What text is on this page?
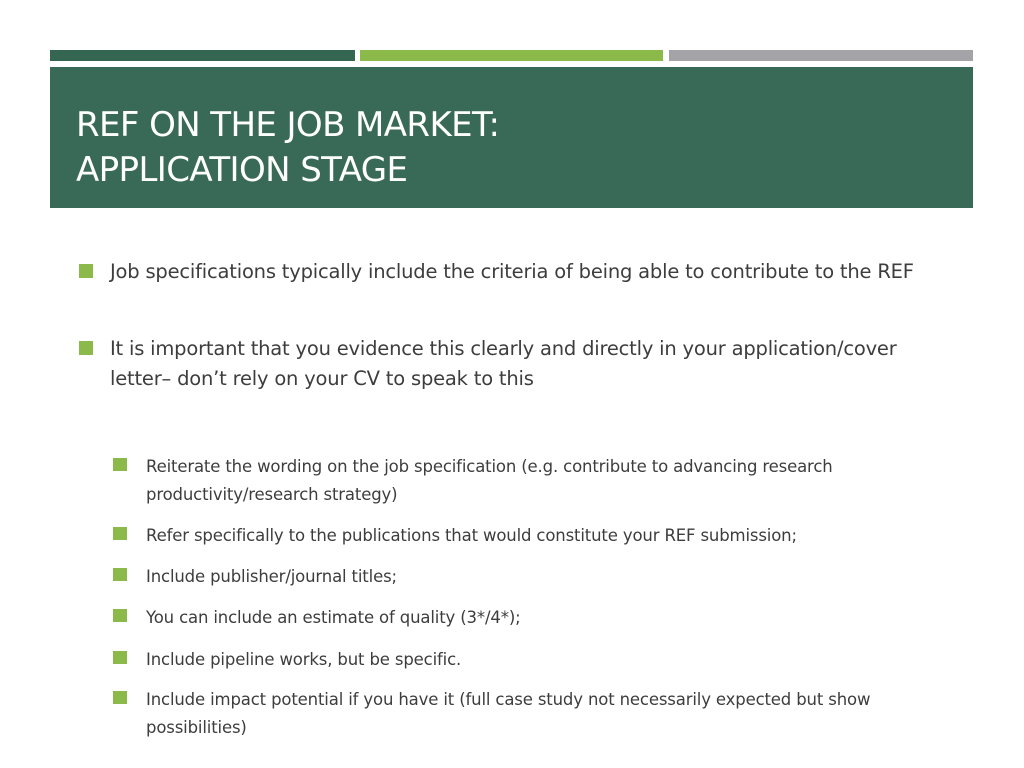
REF ON THE JOB MARKET:
APPLICATION STAGE
Job specifications typically include the criteria of being able to contribute to the REF
It is important that you evidence this clearly and directly in your application/cover letter– don’t rely on your CV to speak to this
Reiterate the wording on the job specification (e.g. contribute to advancing research productivity/research strategy)
Refer specifically to the publications that would constitute your REF submission;
Include publisher/journal titles;
You can include an estimate of quality (3*/4*);
Include pipeline works, but be specific.
Include impact potential if you have it (full case study not necessarily expected but show possibilities)
